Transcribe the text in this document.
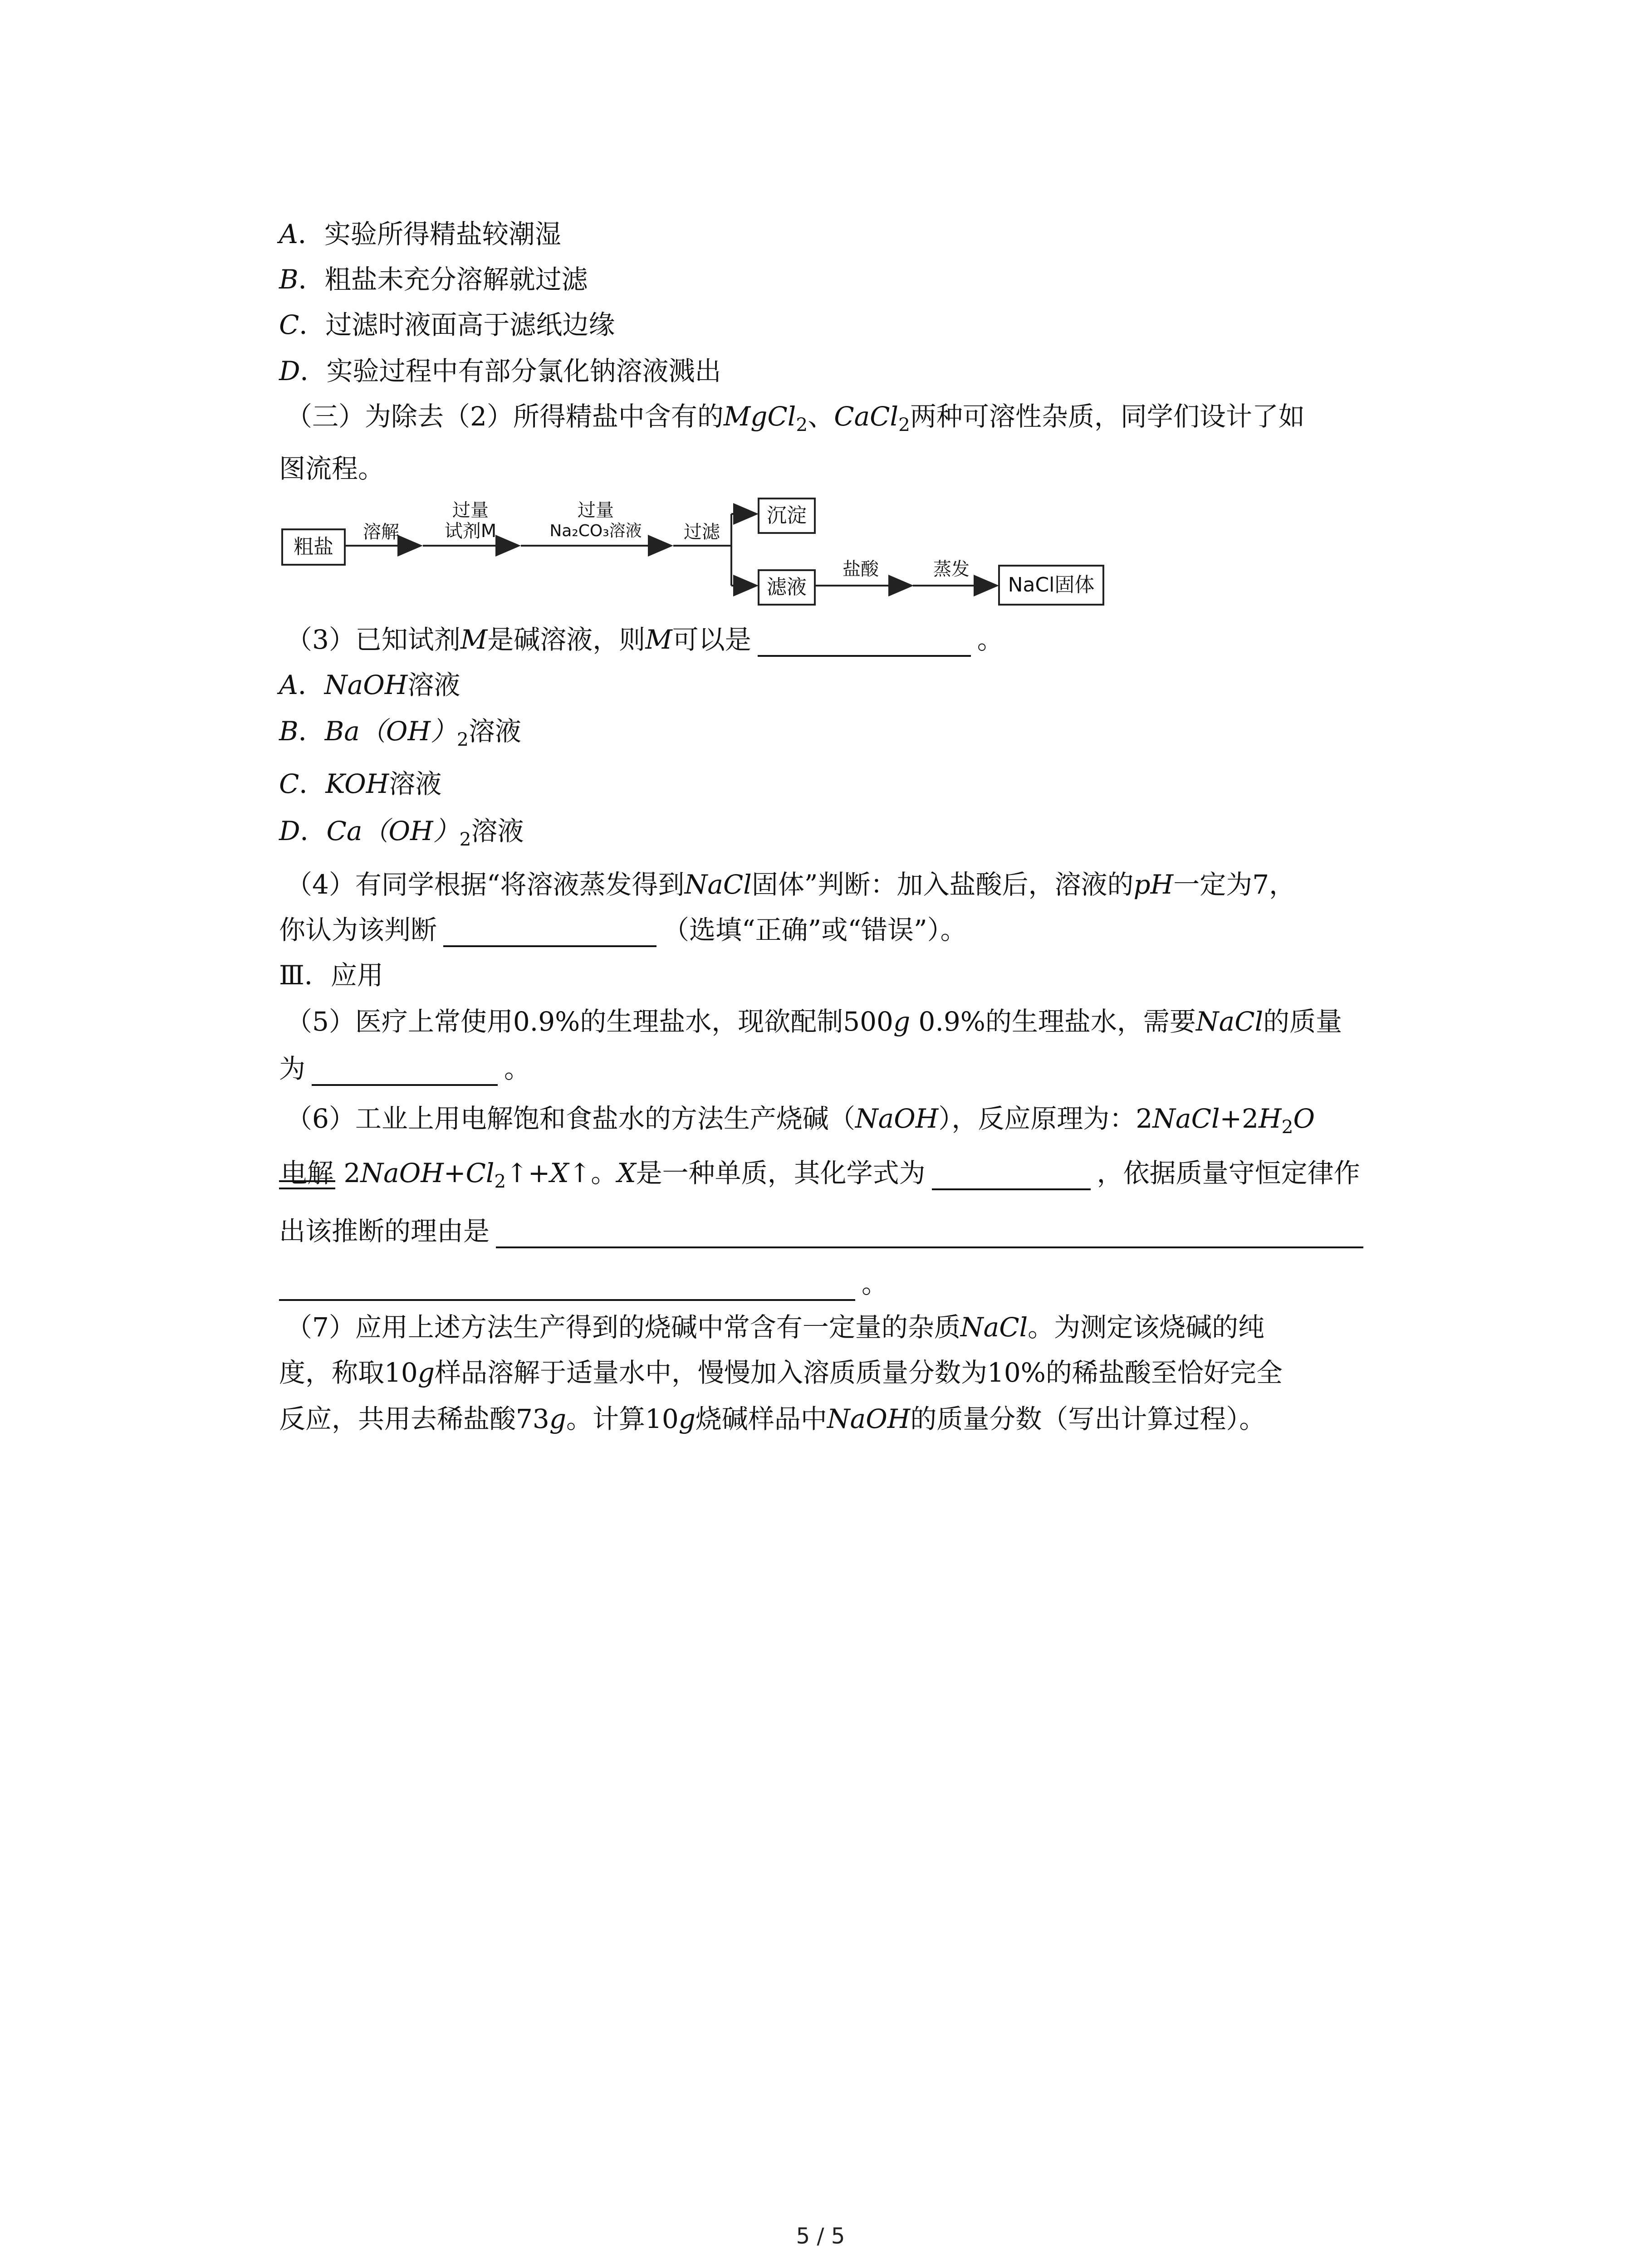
A．实验所得精盐较潮湿
B．粗盐未充分溶解就过滤
C．过滤时液面高于滤纸边缘
D．实验过程中有部分氯化钠溶液溅出
（三）为除去（2）所得精盐中含有的MgCl$_2$、CaCl$_2$两种可溶性杂质，同学们设计了如
图流程。
粗盐
溶解
过量
试剂M
过量
Na₂CO₃溶液	过滤
沉淀
滤液
盐酸	蒸发
NaCl固体
（3）已知试剂M是碱溶液，则M可以是	。
A．NaOH溶液
B．$Ba(OH)_2$溶液
C．KOH溶液
D．$Ca(OH)_2$溶液
（4）有同学根据“将溶液蒸发得到NaCl固体”判断：加入盐酸后，溶液的pH一定为7，
你认为该判断	（选填“正确”或“错误”）。
Ⅲ．应用
（5）医疗上常使用0.9%的生理盐水，现欲配制500g 0.9%的生理盐水，需要NaCl的质量
为	。
（6）工业上用电解饱和食盐水的方法生产烧碱（NaOH），反应原理为：$2NaCl+2H_2O$
电解 $2NaOH+Cl_2↑+X↑$。X是一种单质，其化学式为	，依据质量守恒定律作
出该推断的理由是
。
（7）应用上述方法生产得到的烧碱中常含有一定量的杂质NaCl。为测定该烧碱的纯
度，称取10g样品溶解于适量水中，慢慢加入溶质质量分数为10%的稀盐酸至恰好完全
反应，共用去稀盐酸73g。计算10g烧碱样品中NaOH的质量分数（写出计算过程）。
5 / 5
